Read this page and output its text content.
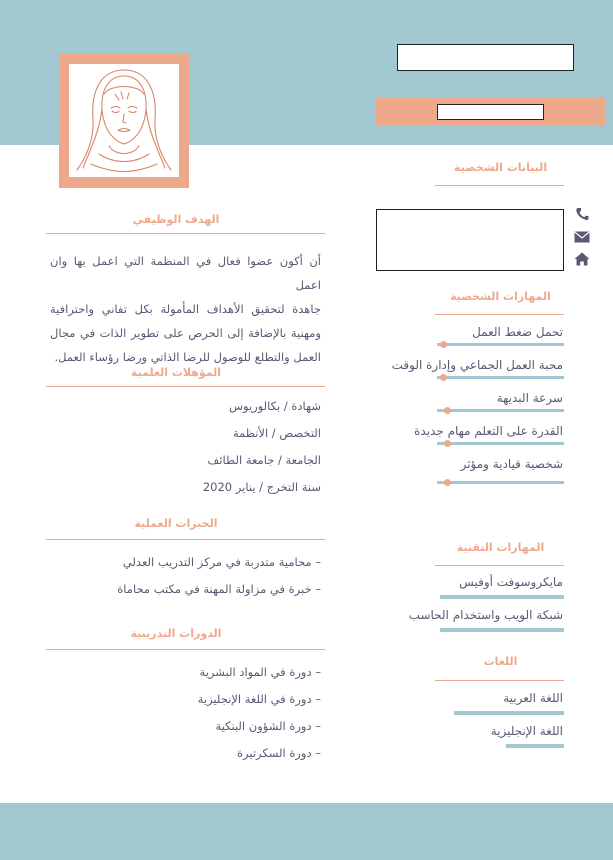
البيانات الشخصية
المهارات الشخصية
تحمل ضغط العمل
محبة العمل الجماعي وإدارة الوقت
سرعة البديهة
القدرة على التعلم مهام جديدة
شخصية قيادية ومؤثر
المهارات التقنية
مايكروسوفت أوفيس
شبكة الويب واستخدام الحاسب
اللغات
اللغة العربية
اللغة الإنجليزية
الهدف الوظيفي
أن أكون عضوا فعال في المنظمة التي اعمل بها وان اعمل
جاهدة لتحقيق الأهداف المأمولة بكل تفاني واحترافية
ومهنية بالإضافة إلى الحرص على تطوير الذات في مجال
العمل والتطلع للوصول للرضا الذاتي ورضا رؤساء العمل.
المؤهلات العلمية
شهادة / بكالوريوس
التخصص / الأنظمة
الجامعة / جامعة الطائف
سنة التخرج / يناير 2020
الخبرات العملية
– محامية متدربة في مركز التدريب العدلي
– خبرة في مزاولة المهنة في مكتب محاماة
الدورات التدريبية
– دورة في المواد البشرية
– دورة في اللغة الإنجليزية
– دورة الشؤون البنكية
– دورة السكرتيرة
